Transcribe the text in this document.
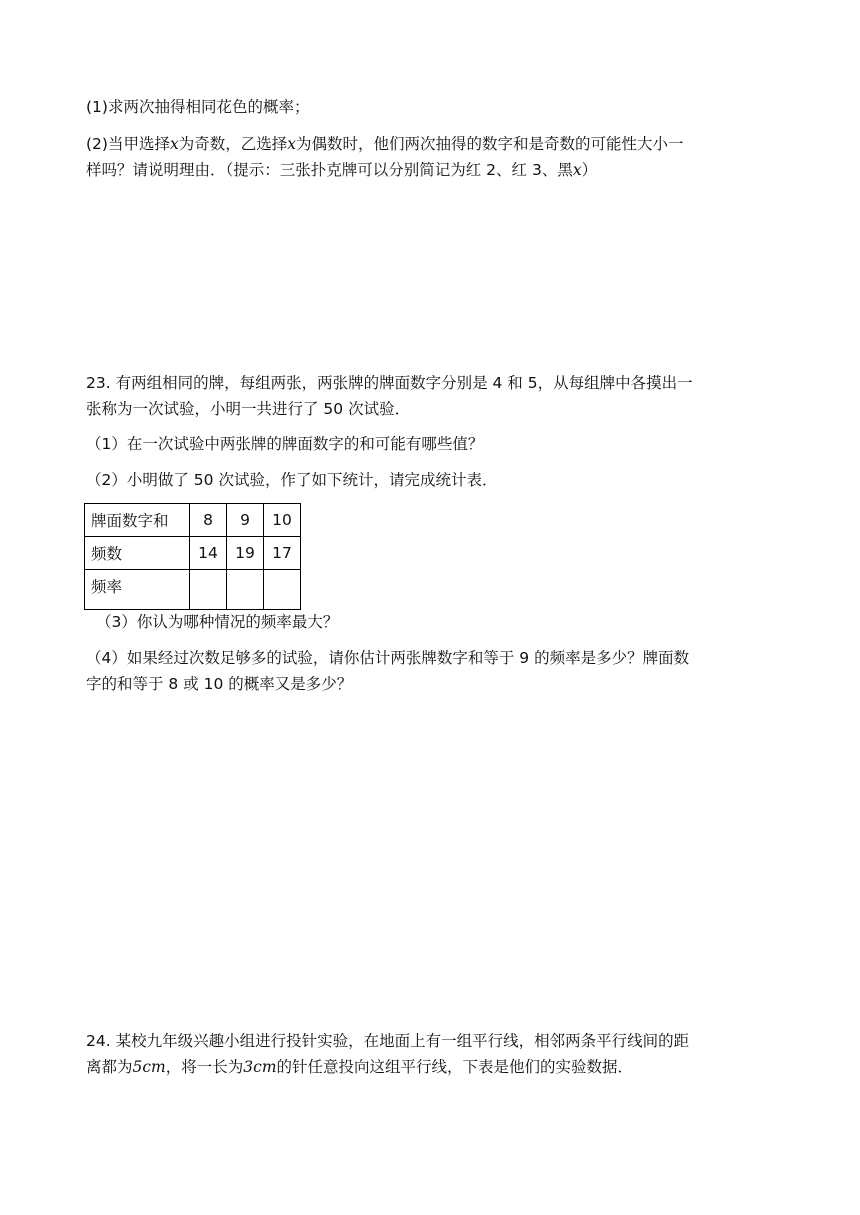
(1)求两次抽得相同花色的概率；
(2)当甲选择x为奇数，乙选择x为偶数时，他们两次抽得的数字和是奇数的可能性大小一
样吗？请说明理由．（提示：三张扑克牌可以分别简记为红 2、红 3、黑x）
23. 有两组相同的牌，每组两张，两张牌的牌面数字分别是 4 和 5，从每组牌中各摸出一
张称为一次试验，小明一共进行了 50 次试验．
（1）在一次试验中两张牌的牌面数字的和可能有哪些值？
（2）小明做了 50 次试验，作了如下统计，请完成统计表．
牌面数字和	8	9	10
频数	14	19	17
频率			
（3）你认为哪种情况的频率最大？
（4）如果经过次数足够多的试验，请你估计两张牌数字和等于 9 的频率是多少？牌面数
字的和等于 8 或 10 的概率又是多少？
24. 某校九年级兴趣小组进行投针实验，在地面上有一组平行线，相邻两条平行线间的距
离都为5cm，将一长为3cm的针任意投向这组平行线，下表是他们的实验数据．
